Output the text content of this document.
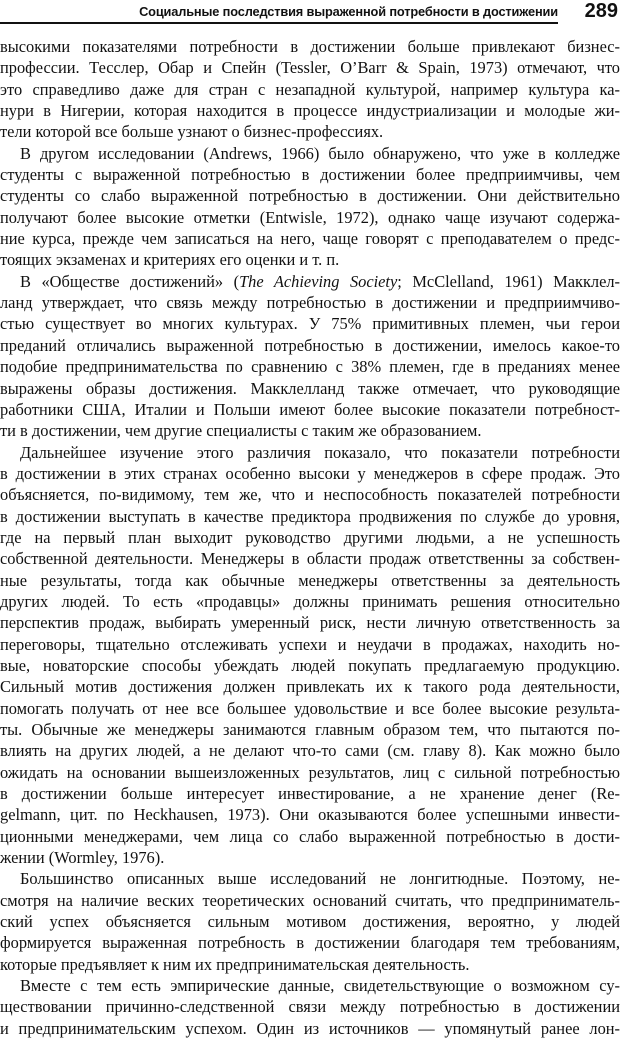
Социальные последствия выраженной потребности в достижении 289
высокими показателями потребности в достижении больше привлекают бизнес-
профессии. Тесслер, Обар и Спейн (Tessler, O’Barr & Spain, 1973) отмечают, что
это справедливо даже для стран с незападной культурой, например культура ка-
нури в Нигерии, которая находится в процессе индустриализации и молодые жи-
тели которой все больше узнают о бизнес-профессиях.
В другом исследовании (Andrews, 1966) было обнаружено, что уже в колледже
студенты с выраженной потребностью в достижении более предприимчивы, чем
студенты со слабо выраженной потребностью в достижении. Они действительно
получают более высокие отметки (Entwisle, 1972), однако чаще изучают содержа-
ние курса, прежде чем записаться на него, чаще говорят с преподавателем о предс-
тоящих экзаменах и критериях его оценки и т. п.
В «Обществе достижений» (The Achieving Society; McClelland, 1961) Макклел-
ланд утверждает, что связь между потребностью в достижении и предприимчиво-
стью существует во многих культурах. У 75% примитивных племен, чьи герои
преданий отличались выраженной потребностью в достижении, имелось какое-то
подобие предпринимательства по сравнению с 38% племен, где в преданиях менее
выражены образы достижения. Макклелланд также отмечает, что руководящие
работники США, Италии и Польши имеют более высокие показатели потребност-
ти в достижении, чем другие специалисты с таким же образованием.
Дальнейшее изучение этого различия показало, что показатели потребности
в достижении в этих странах особенно высоки у менеджеров в сфере продаж. Это
объясняется, по-видимому, тем же, что и неспособность показателей потребности
в достижении выступать в качестве предиктора продвижения по службе до уровня,
где на первый план выходит руководство другими людьми, а не успешность
собственной деятельности. Менеджеры в области продаж ответственны за собствен-
ные результаты, тогда как обычные менеджеры ответственны за деятельность
других людей. То есть «продавцы» должны принимать решения относительно
перспектив продаж, выбирать умеренный риск, нести личную ответственность за
переговоры, тщательно отслеживать успехи и неудачи в продажах, находить но-
вые, новаторские способы убеждать людей покупать предлагаемую продукцию.
Сильный мотив достижения должен привлекать их к такого рода деятельности,
помогать получать от нее все большее удовольствие и все более высокие результа-
ты. Обычные же менеджеры занимаются главным образом тем, что пытаются по-
влиять на других людей, а не делают что-то сами (см. главу 8). Как можно было
ожидать на основании вышеизложенных результатов, лиц с сильной потребностью
в достижении больше интересует инвестирование, а не хранение денег (Re-
gelmann, цит. по Heckhausen, 1973). Они оказываются более успешными инвести-
ционными менеджерами, чем лица со слабо выраженной потребностью в дости-
жении (Wormley, 1976).
Большинство описанных выше исследований не лонгитюдные. Поэтому, не-
смотря на наличие веских теоретических оснований считать, что предприниматель-
ский успех объясняется сильным мотивом достижения, вероятно, у людей
формируется выраженная потребность в достижении благодаря тем требованиям,
которые предъявляет к ним их предпринимательская деятельность.
Вместе с тем есть эмпирические данные, свидетельствующие о возможном су-
ществовании причинно-следственной связи между потребностью в достижении
и предпринимательским успехом. Один из источников — упомянутый ранее лон-
